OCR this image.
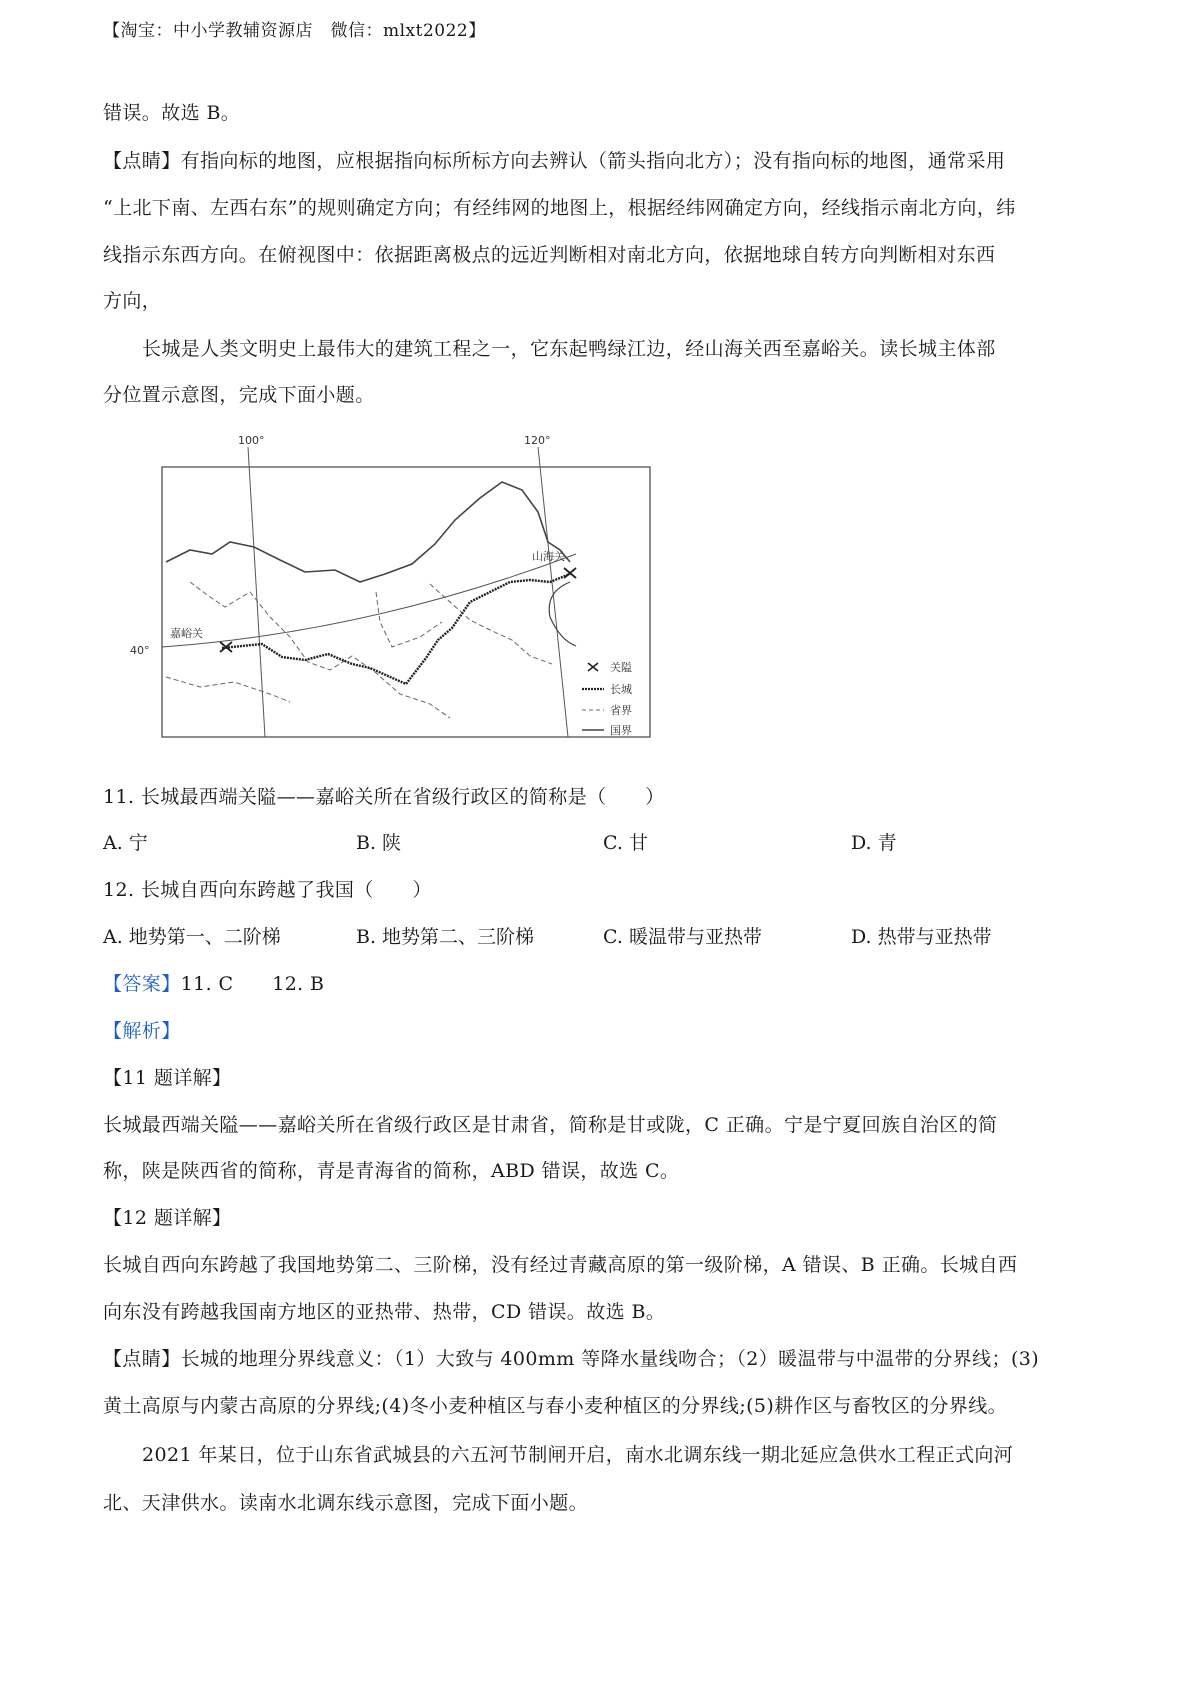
【淘宝：中小学教辅资源店　微信：mlxt2022】
错误。故选 B。
【点睛】有指向标的地图，应根据指向标所标方向去辨认（箭头指向北方）；没有指向标的地图，通常采用
“上北下南、左西右东”的规则确定方向；有经纬网的地图上，根据经纬网确定方向，经线指示南北方向，纬
线指示东西方向。在俯视图中：依据距离极点的远近判断相对南北方向，依据地球自转方向判断相对东西
方向，
长城是人类文明史上最伟大的建筑工程之一，它东起鸭绿江边，经山海关西至嘉峪关。读长城主体部
分位置示意图，完成下面小题。
100°	120°
40°
嘉峪关
山海关
关隘
长城
省界
国界
11. 长城最西端关隘——嘉峪关所在省级行政区的简称是（　　）
A. 宁	B. 陕	C. 甘	D. 青
12. 长城自西向东跨越了我国（　　）
A. 地势第一、二阶梯	B. 地势第二、三阶梯	C. 暖温带与亚热带	D. 热带与亚热带
【答案】11. C　　12. B
【解析】
【11 题详解】
长城最西端关隘——嘉峪关所在省级行政区是甘肃省，简称是甘或陇，C 正确。宁是宁夏回族自治区的简
称，陕是陕西省的简称，青是青海省的简称，ABD 错误，故选 C。
【12 题详解】
长城自西向东跨越了我国地势第二、三阶梯，没有经过青藏高原的第一级阶梯，A 错误、B 正确。长城自西
向东没有跨越我国南方地区的亚热带、热带，CD 错误。故选 B。
【点睛】长城的地理分界线意义：（1）大致与 400mm 等降水量线吻合；（2）暖温带与中温带的分界线；(3)
黄土高原与内蒙古高原的分界线;(4)冬小麦种植区与春小麦种植区的分界线;(5)耕作区与畜牧区的分界线。
2021 年某日，位于山东省武城县的六五河节制闸开启，南水北调东线一期北延应急供水工程正式向河
北、天津供水。读南水北调东线示意图，完成下面小题。
